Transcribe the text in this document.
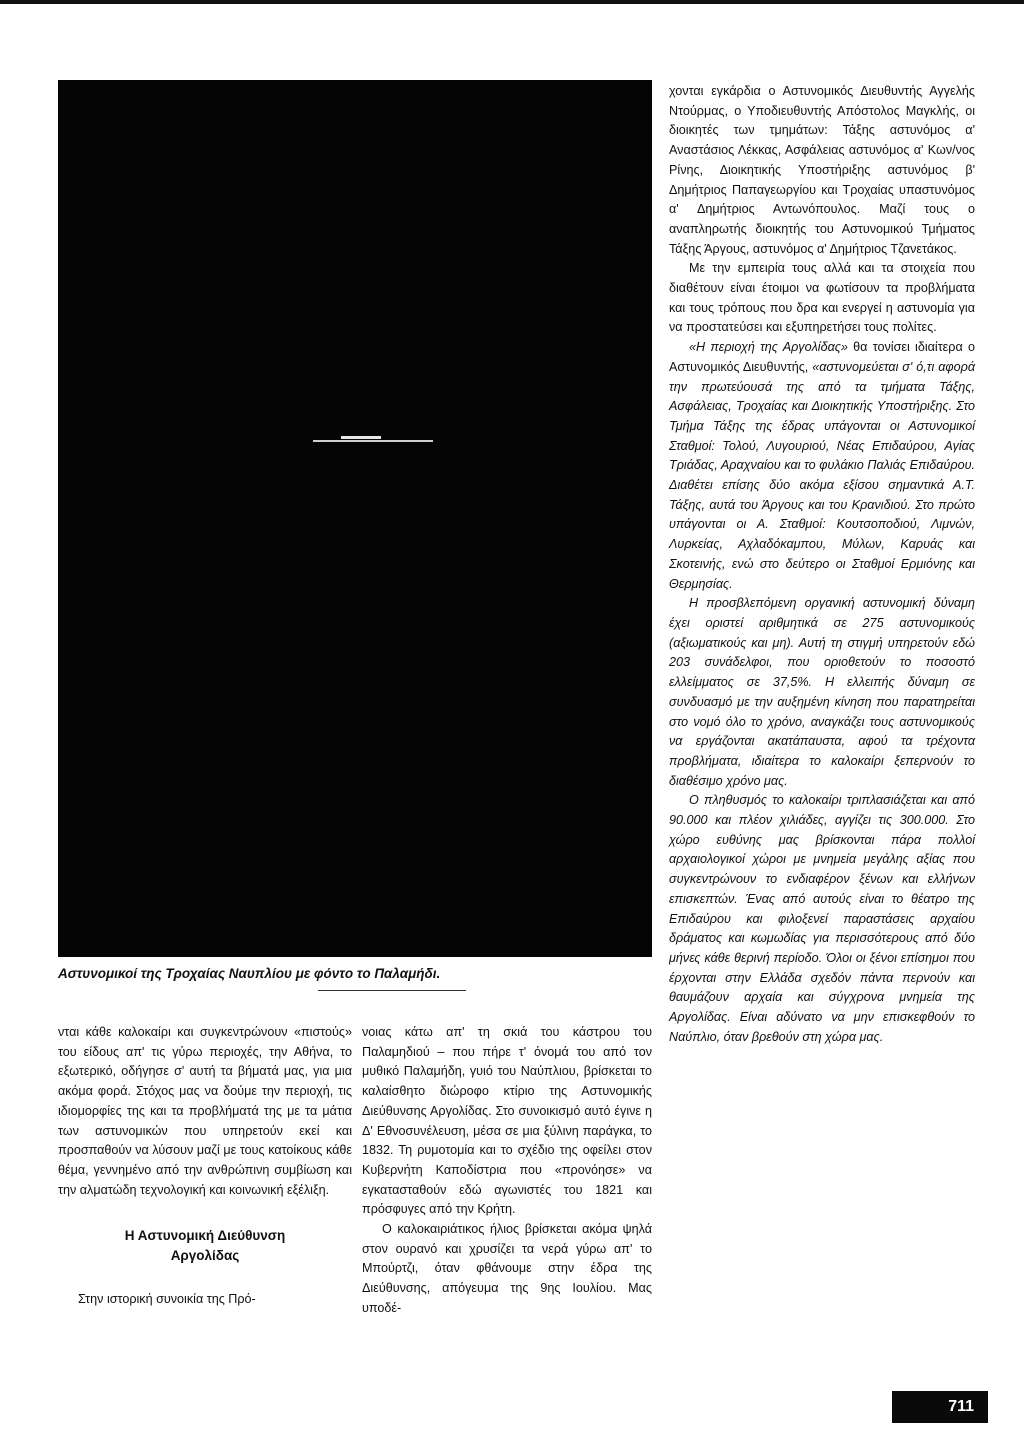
Αστυνομικοί της Τροχαίας Ναυπλίου με φόντο το Παλαμήδι.

νται κάθε καλοκαίρι και συγκεντρώνουν «πιστούς» του είδους απ' τις γύρω περιοχές, την Αθήνα, το εξωτερικό, οδήγησε σ' αυτή τα βήματά μας, για μια ακόμα φορά. Στόχος μας να δούμε την περιοχή, τις ιδιομορφίες της και τα προβλήματά της με τα μάτια των αστυνομικών που υπηρετούν εκεί και προσπαθούν να λύσουν μαζί με τους κατοίκους κάθε θέμα, γεννημένο από την ανθρώπινη συμβίωση και την αλματώδη τεχνολογική και κοινωνική εξέλιξη.

Η Αστυνομική Διεύθυνση
Αργολίδας

Στην ιστορική συνοικία της Πρό-

νοιας κάτω απ' τη σκιά του κάστρου του Παλαμηδιού – που πήρε τ' όνομά του από τον μυθικό Παλαμήδη, γυιό του Ναύπλιου, βρίσκεται το καλαίσθητο διώροφο κτίριο της Αστυνομικής Διεύθυνσης Αργολίδας. Στο συνοικισμό αυτό έγινε η Δ' Εθνοσυνέλευση, μέσα σε μια ξύλινη παράγκα, το 1832. Τη ρυμοτομία και το σχέδιο της οφείλει στον Κυβερνήτη Καποδίστρια που «προνόησε» να εγκατασταθούν εδώ αγωνιστές του 1821 και πρόσφυγες από την Κρήτη.

Ο καλοκαιριάτικος ήλιος βρίσκεται ακόμα ψηλά στον ουρανό και χρυσίζει τα νερά γύρω απ' το Μπούρτζι, όταν φθάνουμε στην έδρα της Διεύθυνσης, απόγευμα της 9ης Ιουλίου. Μας υποδέ-

χονται εγκάρδια ο Αστυνομικός Διευθυντής Αγγελής Ντούρμας, ο Υποδιευθυντής Απόστολος Μαγκλής, οι διοικητές των τμημάτων: Τάξης αστυνόμος α' Αναστάσιος Λέκκας, Ασφάλειας αστυνόμος α' Κων/νος Ρίνης, Διοικητικής Υποστήριξης αστυνόμος β' Δημήτριος Παπαγεωργίου και Τροχαίας υπαστυνόμος α' Δημήτριος Αντωνόπουλος. Μαζί τους ο αναπληρωτής διοικητής του Αστυνομικού Τμήματος Τάξης Άργους, αστυνόμος α' Δημήτριος Τζανετάκος.

Με την εμπειρία τους αλλά και τα στοιχεία που διαθέτουν είναι έτοιμοι να φωτίσουν τα προβλήματα και τους τρόπους που δρα και ενεργεί η αστυνομία για να προστατεύσει και εξυπηρετήσει τους πολίτες.

«Η περιοχή της Αργολίδας» θα τονίσει ιδιαίτερα ο Αστυνομικός Διευθυντής, «αστυνομεύεται σ' ό,τι αφορά την πρωτεύουσά της από τα τμήματα Τάξης, Ασφάλειας, Τροχαίας και Διοικητικής Υποστήριξης. Στο Τμήμα Τάξης της έδρας υπάγονται οι Αστυνομικοί Σταθμοί: Τολού, Λυγουριού, Νέας Επιδαύρου, Αγίας Τριάδας, Αραχναίου και το φυλάκιο Παλιάς Επιδαύρου. Διαθέτει επίσης δύο ακόμα εξίσου σημαντικά Α.Τ. Τάξης, αυτά του Άργους και του Κρανιδιού. Στο πρώτο υπάγονται οι Α. Σταθμοί: Κουτσοποδιού, Λιμνών, Λυρκείας, Αχλαδόκαμπου, Μύλων, Καρυάς και Σκοτεινής, ενώ στο δεύτερο οι Σταθμοί Ερμιόνης και Θερμησίας.

Η προσβλεπόμενη οργανική αστυνομική δύναμη έχει οριστεί αριθμητικά σε 275 αστυνομικούς (αξιωματικούς και μη). Αυτή τη στιγμή υπηρετούν εδώ 203 συνάδελφοι, που οριοθετούν το ποσοστό ελλείμματος σε 37,5%. Η ελλειπής δύναμη σε συνδυασμό με την αυξημένη κίνηση που παρατηρείται στο νομό όλο το χρόνο, αναγκάζει τους αστυνομικούς να εργάζονται ακατάπαυστα, αφού τα τρέχοντα προβλήματα, ιδιαίτερα το καλοκαίρι ξεπερνούν το διαθέσιμο χρόνο μας.

Ο πληθυσμός το καλοκαίρι τριπλασιάζεται και από 90.000 και πλέον χιλιάδες, αγγίζει τις 300.000. Στο χώρο ευθύνης μας βρίσκονται πάρα πολλοί αρχαιολογικοί χώροι με μνημεία μεγάλης αξίας που συγκεντρώνουν το ενδιαφέρον ξένων και ελλήνων επισκεπτών. Ένας από αυτούς είναι το θέατρο της Επιδαύρου και φιλοξενεί παραστάσεις αρχαίου δράματος και κωμωδίας για περισσότερους από δύο μήνες κάθε θερινή περίοδο. Όλοι οι ξένοι επίσημοι που έρχονται στην Ελλάδα σχεδόν πάντα περνούν και θαυμάζουν αρχαία και σύγχρονα μνημεία της Αργολίδας. Είναι αδύνατο να μην επισκεφθούν το Ναύπλιο, όταν βρεθούν στη χώρα μας.

711
